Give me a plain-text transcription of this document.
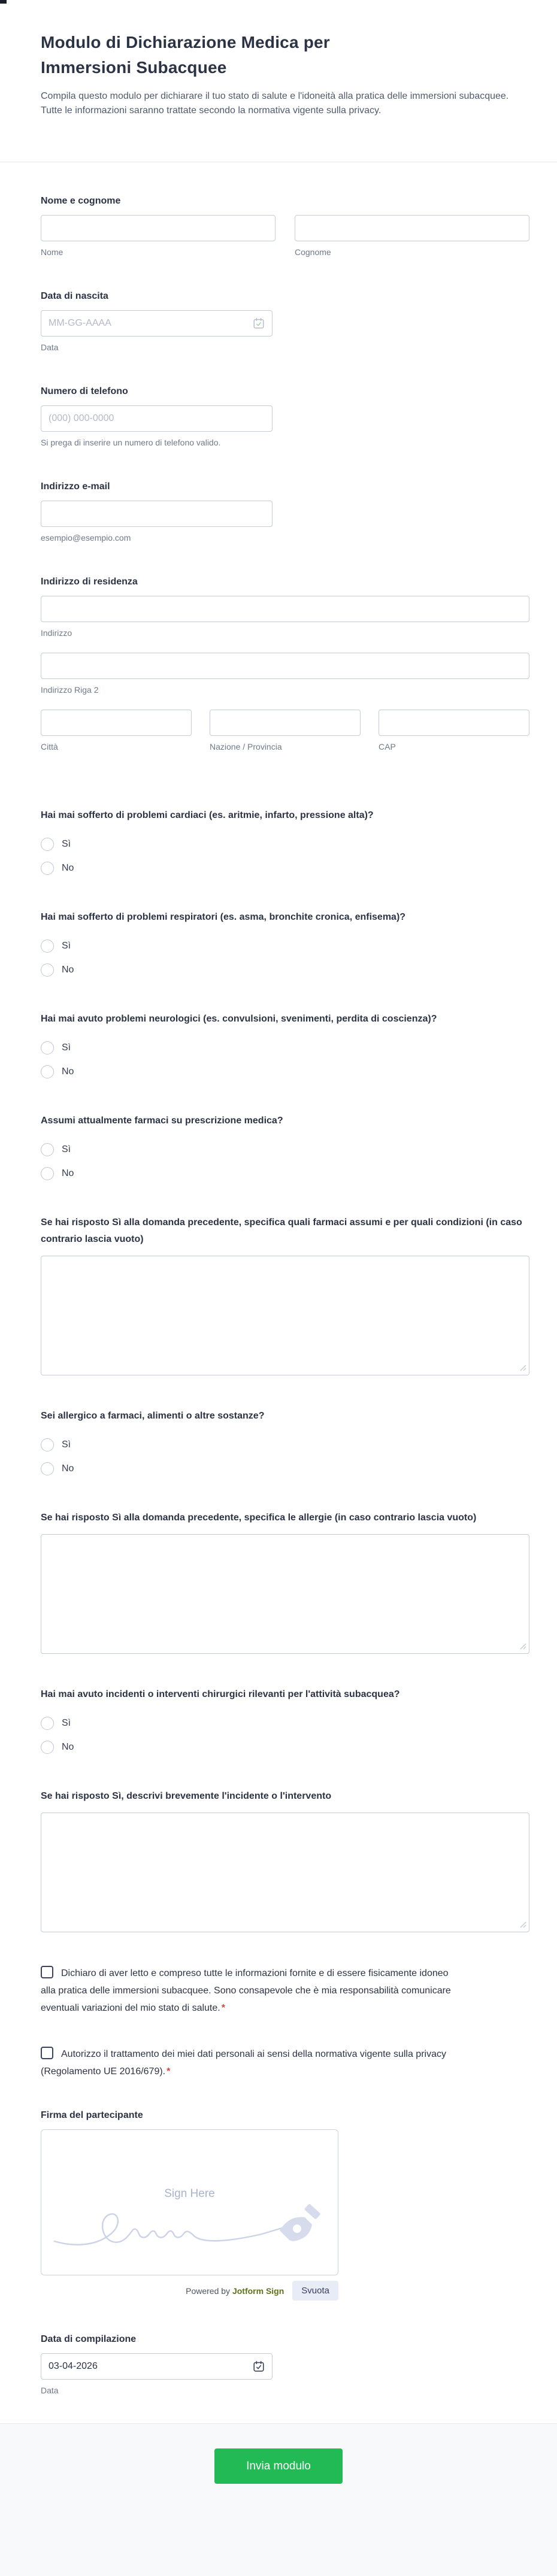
Modulo di Dichiarazione Medica per Immersioni Subacquee

Compila questo modulo per dichiarare il tuo stato di salute e l'idoneità alla pratica delle immersioni subacquee. Tutte le informazioni saranno trattate secondo la normativa vigente sulla privacy.

Nome e cognome
Nome	Cognome
Data di nascita
MM-GG-AAAA
Data
Numero di telefono
(000) 000-0000
Si prega di inserire un numero di telefono valido.
Indirizzo e-mail
esempio@esempio.com
Indirizzo di residenza
Indirizzo
Indirizzo Riga 2
Città	Nazione / Provincia	CAP
Hai mai sofferto di problemi cardiaci (es. aritmie, infarto, pressione alta)?
Sì
No
Hai mai sofferto di problemi respiratori (es. asma, bronchite cronica, enfisema)?
Sì
No
Hai mai avuto problemi neurologici (es. convulsioni, svenimenti, perdita di coscienza)?
Sì
No
Assumi attualmente farmaci su prescrizione medica?
Sì
No
Se hai risposto Sì alla domanda precedente, specifica quali farmaci assumi e per quali condizioni (in caso contrario lascia vuoto)
Sei allergico a farmaci, alimenti o altre sostanze?
Sì
No
Se hai risposto Sì alla domanda precedente, specifica le allergie (in caso contrario lascia vuoto)
Hai mai avuto incidenti o interventi chirurgici rilevanti per l'attività subacquea?
Sì
No
Se hai risposto Sì, descrivi brevemente l'incidente o l'intervento
Dichiaro di aver letto e compreso tutte le informazioni fornite e di essere fisicamente idoneo alla pratica delle immersioni subacquee. Sono consapevole che è mia responsabilità comunicare eventuali variazioni del mio stato di salute. *
Autorizzo il trattamento dei miei dati personali ai sensi della normativa vigente sulla privacy (Regolamento UE 2016/679). *
Firma del partecipante
Sign Here
Powered by Jotform Sign	Svuota
Data di compilazione
03-04-2026
Data
Invia modulo
